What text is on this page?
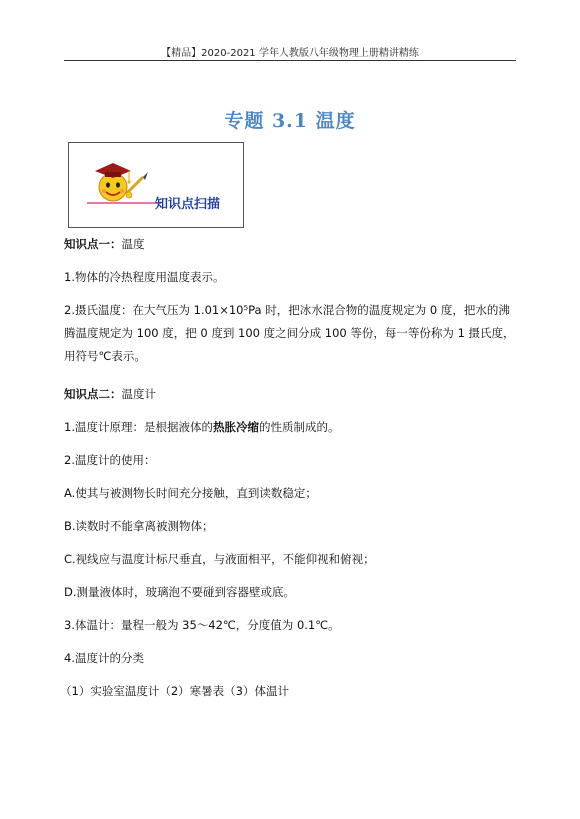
【精品】2020-2021 学年人教版八年级物理上册精讲精练
专题 3.1 温度
知识点扫描
知识点一：温度
1.物体的冷热程度用温度表示。
2.摄氏温度：在大气压为 1.01×10⁵Pa 时，把冰水混合物的温度规定为 0 度，把水的沸腾温度规定为 100 度，把 0 度到 100 度之间分成 100 等份，每一等份称为 1 摄氏度，用符号℃表示。
知识点二：温度计
1.温度计原理：是根据液体的热胀冷缩的性质制成的。
2.温度计的使用：
A.使其与被测物长时间充分接触，直到读数稳定；
B.读数时不能拿离被测物体；
C.视线应与温度计标尺垂直，与液面相平，不能仰视和俯视；
D.测量液体时，玻璃泡不要碰到容器壁或底。
3.体温计：量程一般为 35～42℃，分度值为 0.1℃。
4.温度计的分类
（1）实验室温度计（2）寒暑表（3）体温计
